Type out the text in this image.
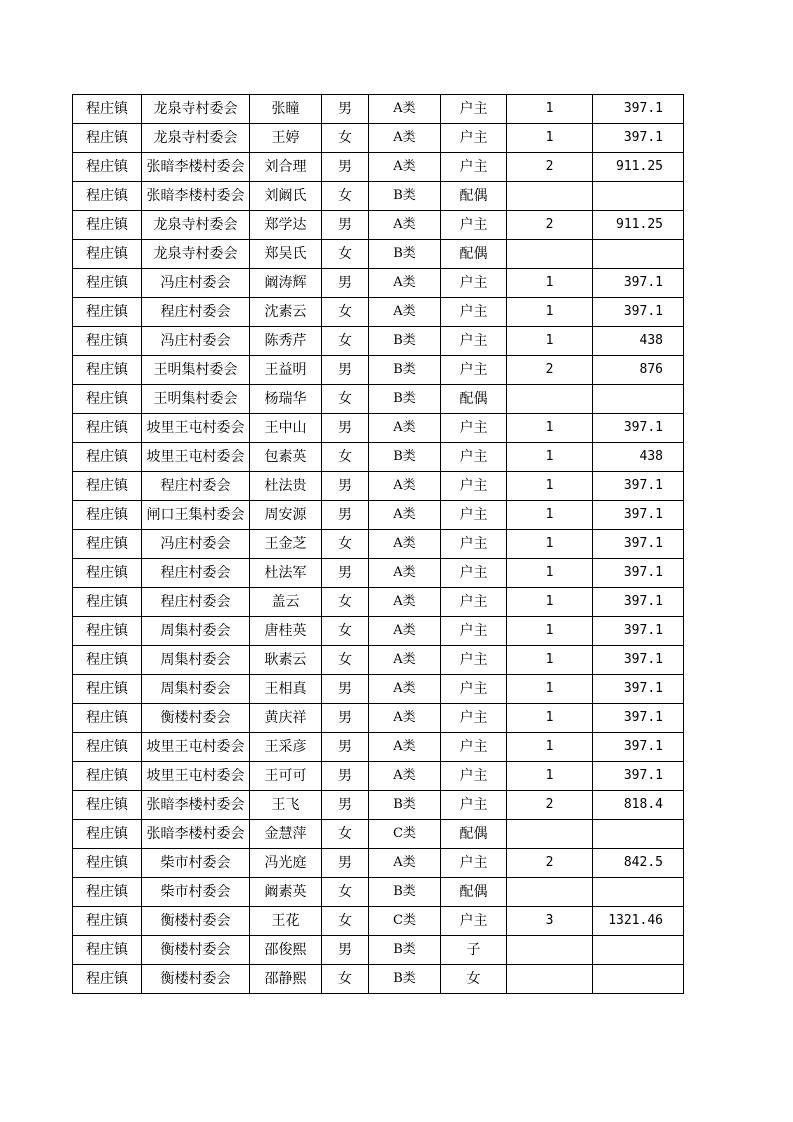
程庄镇	龙泉寺村委会	张瞳	男	A类	户主	1	397.1
程庄镇	龙泉寺村委会	王婷	女	A类	户主	1	397.1
程庄镇	张暗李楼村委会	刘合理	男	A类	户主	2	911.25
程庄镇	张暗李楼村委会	刘阚氏	女	B类	配偶		
程庄镇	龙泉寺村委会	郑学达	男	A类	户主	2	911.25
程庄镇	龙泉寺村委会	郑吴氏	女	B类	配偶		
程庄镇	冯庄村委会	阚涛辉	男	A类	户主	1	397.1
程庄镇	程庄村委会	沈素云	女	A类	户主	1	397.1
程庄镇	冯庄村委会	陈秀芹	女	B类	户主	1	438
程庄镇	王明集村委会	王益明	男	B类	户主	2	876
程庄镇	王明集村委会	杨瑞华	女	B类	配偶		
程庄镇	坡里王屯村委会	王中山	男	A类	户主	1	397.1
程庄镇	坡里王屯村委会	包素英	女	B类	户主	1	438
程庄镇	程庄村委会	杜法贵	男	A类	户主	1	397.1
程庄镇	闸口王集村委会	周安源	男	A类	户主	1	397.1
程庄镇	冯庄村委会	王金芝	女	A类	户主	1	397.1
程庄镇	程庄村委会	杜法军	男	A类	户主	1	397.1
程庄镇	程庄村委会	盖云	女	A类	户主	1	397.1
程庄镇	周集村委会	唐桂英	女	A类	户主	1	397.1
程庄镇	周集村委会	耿素云	女	A类	户主	1	397.1
程庄镇	周集村委会	王相真	男	A类	户主	1	397.1
程庄镇	衡楼村委会	黄庆祥	男	A类	户主	1	397.1
程庄镇	坡里王屯村委会	王采彦	男	A类	户主	1	397.1
程庄镇	坡里王屯村委会	王可可	男	A类	户主	1	397.1
程庄镇	张暗李楼村委会	王飞	男	B类	户主	2	818.4
程庄镇	张暗李楼村委会	金慧萍	女	C类	配偶		
程庄镇	柴市村委会	冯光庭	男	A类	户主	2	842.5
程庄镇	柴市村委会	阚素英	女	B类	配偶		
程庄镇	衡楼村委会	王花	女	C类	户主	3	1321.46
程庄镇	衡楼村委会	邵俊熙	男	B类	子		
程庄镇	衡楼村委会	邵静熙	女	B类	女		
